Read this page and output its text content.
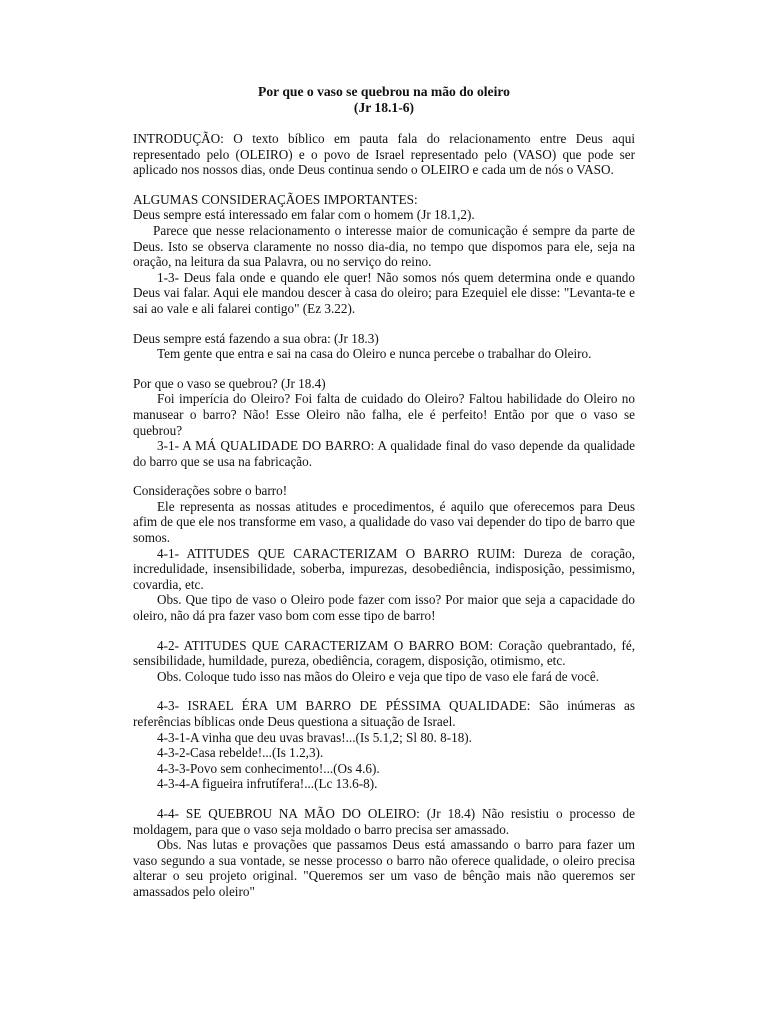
Por que o vaso se quebrou na mão do oleiro
(Jr 18.1-6)

INTRODUÇÃO: O texto bíblico em pauta fala do relacionamento entre Deus aqui representado pelo (OLEIRO) e o povo de Israel representado pelo (VASO) que pode ser aplicado nos nossos dias, onde Deus continua sendo o OLEIRO e cada um de nós o VASO.

ALGUMAS CONSIDERAÇÃOES IMPORTANTES:

Deus sempre está interessado em falar com o homem (Jr 18.1,2).

Parece que nesse relacionamento o interesse maior de comunicação é sempre da parte de Deus. Isto se observa claramente no nosso dia-dia, no tempo que dispomos para ele, seja na oração, na leitura da sua Palavra, ou no serviço do reino.

1-3- Deus fala onde e quando ele quer! Não somos nós quem determina onde e quando Deus vai falar. Aqui ele mandou descer à casa do oleiro; para Ezequiel ele disse: "Levanta-te e sai ao vale e ali falarei contigo" (Ez 3.22).

Deus sempre está fazendo a sua obra: (Jr 18.3)

Tem gente que entra e sai na casa do Oleiro e nunca percebe o trabalhar do Oleiro.

Por que o vaso se quebrou? (Jr 18.4)

Foi imperícia do Oleiro? Foi falta de cuidado do Oleiro? Faltou habilidade do Oleiro no manusear o barro? Não! Esse Oleiro não falha, ele é perfeito! Então por que o vaso se quebrou?

3-1- A MÁ QUALIDADE DO BARRO: A qualidade final do vaso depende da qualidade do barro que se usa na fabricação.

Considerações sobre o barro!

Ele representa as nossas atitudes e procedimentos, é aquilo que oferecemos para Deus afim de que ele nos transforme em vaso, a qualidade do vaso vai depender do tipo de barro que somos.

4-1- ATITUDES QUE CARACTERIZAM O BARRO RUIM: Dureza de coração, incredulidade, insensibilidade, soberba, impurezas, desobediência, indisposição, pessimismo, covardia, etc.

Obs. Que tipo de vaso o Oleiro pode fazer com isso? Por maior que seja a capacidade do oleiro, não dá pra fazer vaso bom com esse tipo de barro!

4-2- ATITUDES QUE CARACTERIZAM O BARRO BOM: Coração quebrantado, fé, sensibilidade, humildade, pureza, obediência, coragem, disposição, otimismo, etc.

Obs. Coloque tudo isso nas mãos do Oleiro e veja que tipo de vaso ele fará de você.

4-3- ISRAEL ÉRA UM BARRO DE PÉSSIMA QUALIDADE: São inúmeras as referências bíblicas onde Deus questiona a situação de Israel.

4-3-1-A vinha que deu uvas bravas!...(Is 5.1,2; Sl 80. 8-18).

4-3-2-Casa rebelde!...(Is 1.2,3).

4-3-3-Povo sem conhecimento!...(Os 4.6).

4-3-4-A figueira infrutífera!...(Lc 13.6-8).

4-4- SE QUEBROU NA MÃO DO OLEIRO: (Jr 18.4) Não resistiu o processo de moldagem, para que o vaso seja moldado o barro precisa ser amassado.

Obs. Nas lutas e provações que passamos Deus está amassando o barro para fazer um vaso segundo a sua vontade, se nesse processo o barro não oferece qualidade, o oleiro precisa alterar o seu projeto original. "Queremos ser um vaso de bênção mais não queremos ser amassados pelo oleiro"
